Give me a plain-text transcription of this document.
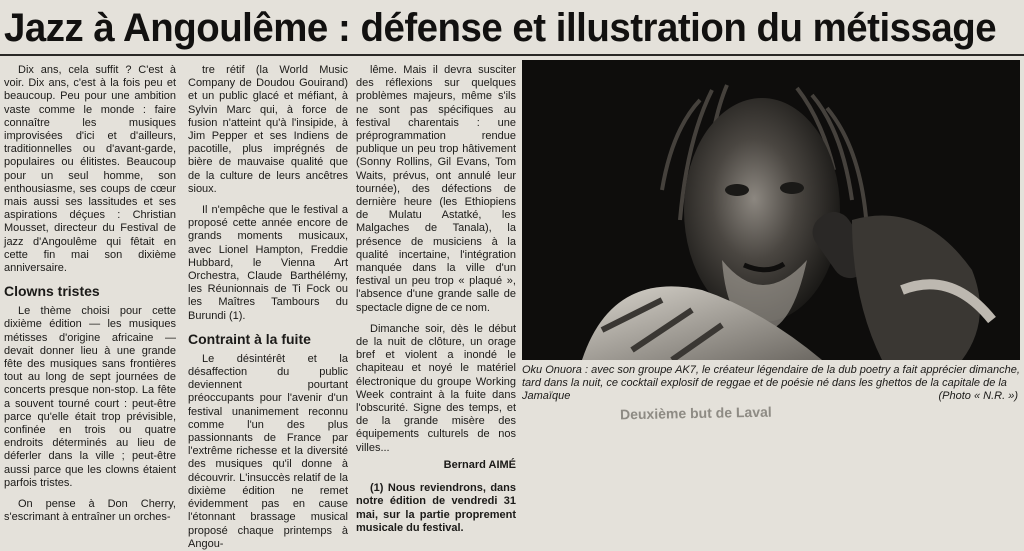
Jazz à Angoulême : défense et illustration du métissage

Dix ans, cela suffit ? C'est à voir. Dix ans, c'est à la fois peu et beaucoup. Peu pour une ambition vaste comme le monde : faire connaître les musiques improvisées d'ici et d'ailleurs, traditionnelles ou d'avant-garde, populaires ou élitistes. Beaucoup pour un seul homme, son enthousiasme, ses coups de cœur mais aussi ses lassitudes et ses aspirations déçues : Christian Mousset, directeur du Festival de jazz d'Angoulême qui fêtait en cette fin mai son dixième anniversaire.

Clowns tristes

Le thème choisi pour cette dixième édition — les musiques métisses d'origine africaine — devait donner lieu à une grande fête des musiques sans frontières tout au long de sept journées de concerts presque non-stop. La fête a souvent tourné court : peut-être parce qu'elle était trop prévisible, confinée en trois ou quatre endroits déterminés au lieu de déferler dans la ville ; peut-être aussi parce que les clowns étaient parfois tristes.

On pense à Don Cherry, s'escrimant à entraîner un orches-

tre rétif (la World Music Company de Doudou Gouirand) et un public glacé et méfiant, à Sylvin Marc qui, à force de fusion n'atteint qu'à l'insipide, à Jim Pepper et ses Indiens de pacotille, plus imprégnés de bière de mauvaise qualité que de la culture de leurs ancêtres sioux.

Il n'empêche que le festival a proposé cette année encore de grands moments musicaux, avec Lionel Hampton, Freddie Hubbard, le Vienna Art Orchestra, Claude Barthélémy, les Réunionnais de Ti Fock ou les Maîtres Tambours du Burundi (1).

Contraint à la fuite

Le désintérêt et la désaffection du public deviennent pourtant préoccupants pour l'avenir d'un festival unanimement reconnu comme l'un des plus passionnants de France par l'extrême richesse et la diversité des musiques qu'il donne à découvrir. L'insuccès relatif de la dixième édition ne remet évidemment pas en cause l'étonnant brassage musical proposé chaque printemps à Angou-

lême. Mais il devra susciter des réflexions sur quelques problèmes majeurs, même s'ils ne sont pas spécifiques au festival charentais : une préprogrammation rendue publique un peu trop hâtivement (Sonny Rollins, Gil Evans, Tom Waits, prévus, ont annulé leur tournée), des défections de dernière heure (les Ethiopiens de Mulatu Astatké, les Malgaches de Tanala), la présence de musiciens à la qualité incertaine, l'intégration manquée dans la ville d'un festival un peu trop « plaqué », l'absence d'une grande salle de spectacle digne de ce nom.

Dimanche soir, dès le début de la nuit de clôture, un orage bref et violent a inondé le chapiteau et noyé le matériel électronique du groupe Working Week contraint à la fuite dans l'obscurité. Signe des temps, et de la grande misère des équipements culturels de nos villes...

Bernard AIMÉ

(1) Nous reviendrons, dans notre édition de vendredi 31 mai, sur la partie proprement musicale du festival.

Oku Onuora : avec son groupe AK7, le créateur légendaire de la dub poetry a fait apprécier dimanche, tard dans la nuit, ce cocktail explosif de reggae et de poésie né dans les ghettos de la capitale de la Jamaïque	(Photo « N.R. »)
Deuxième but de Laval
